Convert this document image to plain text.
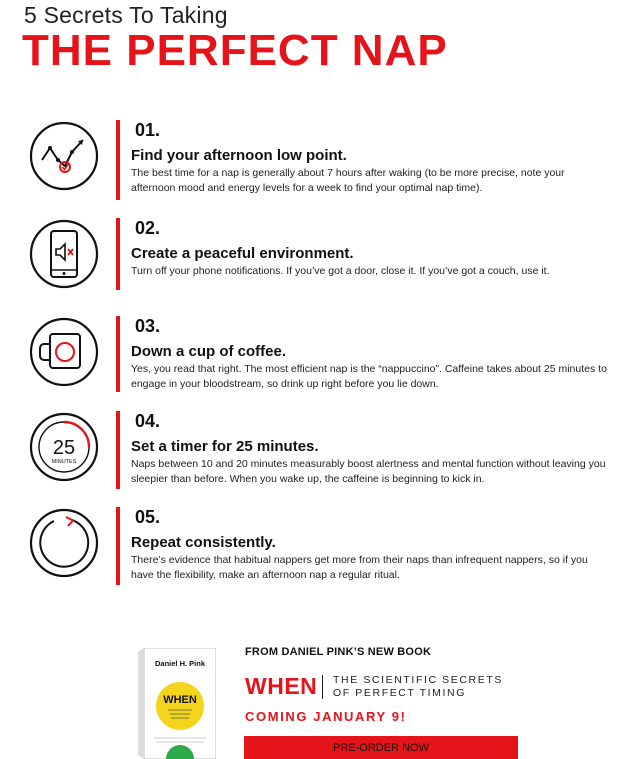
5 Secrets To Taking
THE PERFECT NAP
01.
Find your afternoon low point.
The best time for a nap is generally about 7 hours after waking (to be more precise, note your afternoon mood and energy levels for a week to find your optimal nap time).
02.
Create a peaceful environment.
Turn off your phone notifications. If you’ve got a door, close it. If you’ve got a couch, use it.
03.
Down a cup of coffee.
Yes, you read that right. The most efficient nap is the “nappuccino”. Caffeine takes about 25 minutes to engage in your bloodstream, so drink up right before you lie down.
25
MINUTES
04.
Set a timer for 25 minutes.
Naps between 10 and 20 minutes measurably boost alertness and mental function without leaving you sleepier than before. When you wake up, the caffeine is beginning to kick in.
05.
Repeat consistently.
There’s evidence that habitual nappers get more from their naps than infrequent nappers, so if you have the flexibility, make an afternoon nap a regular ritual.
Daniel H. Pink
WHEN
FROM DANIEL PINK’S NEW BOOK
WHEN THE SCIENTIFIC SECRETS
OF PERFECT TIMING
COMING JANUARY 9!
PRE-ORDER NOW
